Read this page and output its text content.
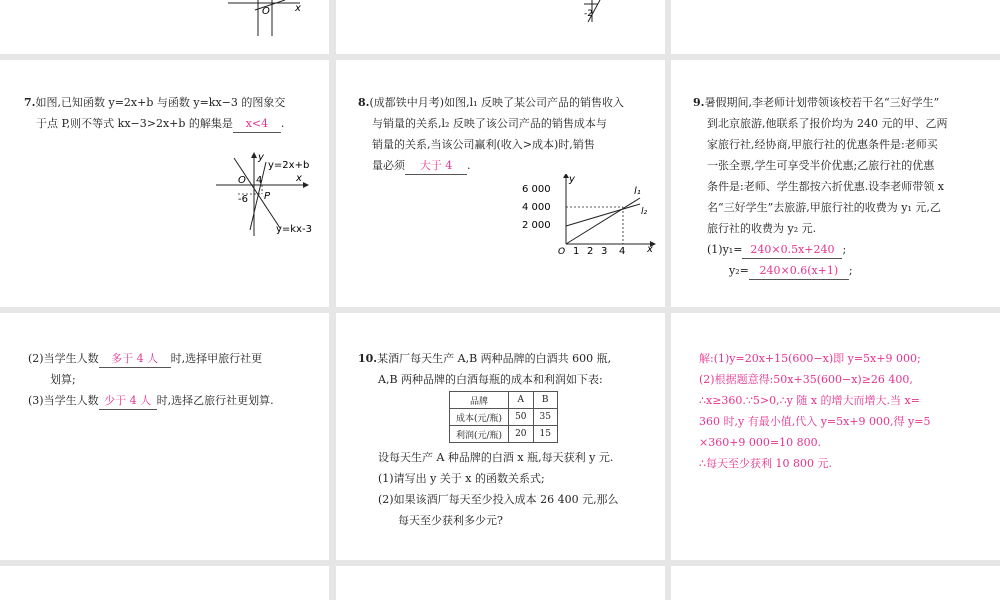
O	x	-2
7.如图,已知函数 y=2x+b 与函数 y=kx−3 的图象交
于点 P,则不等式 kx−3>2x+b 的解集是 x<4 .
y
x
O 4
-6 P
y=2x+b
y=kx-3
8.(成都铁中月考)如图,l₁ 反映了某公司产品的销售收入
与销量的关系,l₂ 反映了该公司产品的销售成本与
销量的关系,当该公司赢利(收入>成本)时,销售
量必须 大于 4 .
6 000
4 000
2 000
1 2 3 4
y
x
O
l₁
l₂
9.暑假期间,李老师计划带领该校若干名“三好学生”
到北京旅游,他联系了报价均为 240 元的甲、乙两
家旅行社,经协商,甲旅行社的优惠条件是:老师买
一张全票,学生可享受半价优惠;乙旅行社的优惠
条件是:老师、学生都按六折优惠.设李老师带领 x
名“三好学生”去旅游,甲旅行社的收费为 y₁ 元,乙
旅行社的收费为 y₂ 元.
(1)y₁= 240×0.5x+240 ;
y₂= 240×0.6(x+1) ;
(2)当学生人数 多于 4 人 时,选择甲旅行社更
划算;
(3)当学生人数 少于 4 人 时,选择乙旅行社更划算.
10.某酒厂每天生产 A,B 两种品牌的白酒共 600 瓶,
A,B 两种品牌的白酒每瓶的成本和利润如下表:
品牌	A	B
成本(元/瓶)	50	35
利润(元/瓶)	20	15
设每天生产 A 种品牌的白酒 x 瓶,每天获利 y 元.
(1)请写出 y 关于 x 的函数关系式;
(2)如果该酒厂每天至少投入成本 26 400 元,那么
每天至少获利多少元?
解:(1)y=20x+15(600−x)即 y=5x+9 000;
(2)根据题意得:50x+35(600−x)≥26 400,
∴x≥360.∵5>0,∴y 随 x 的增大而增大.当 x=
360 时,y 有最小值,代入 y=5x+9 000,得 y=5
×360+9 000=10 800.
∴每天至少获利 10 800 元.
